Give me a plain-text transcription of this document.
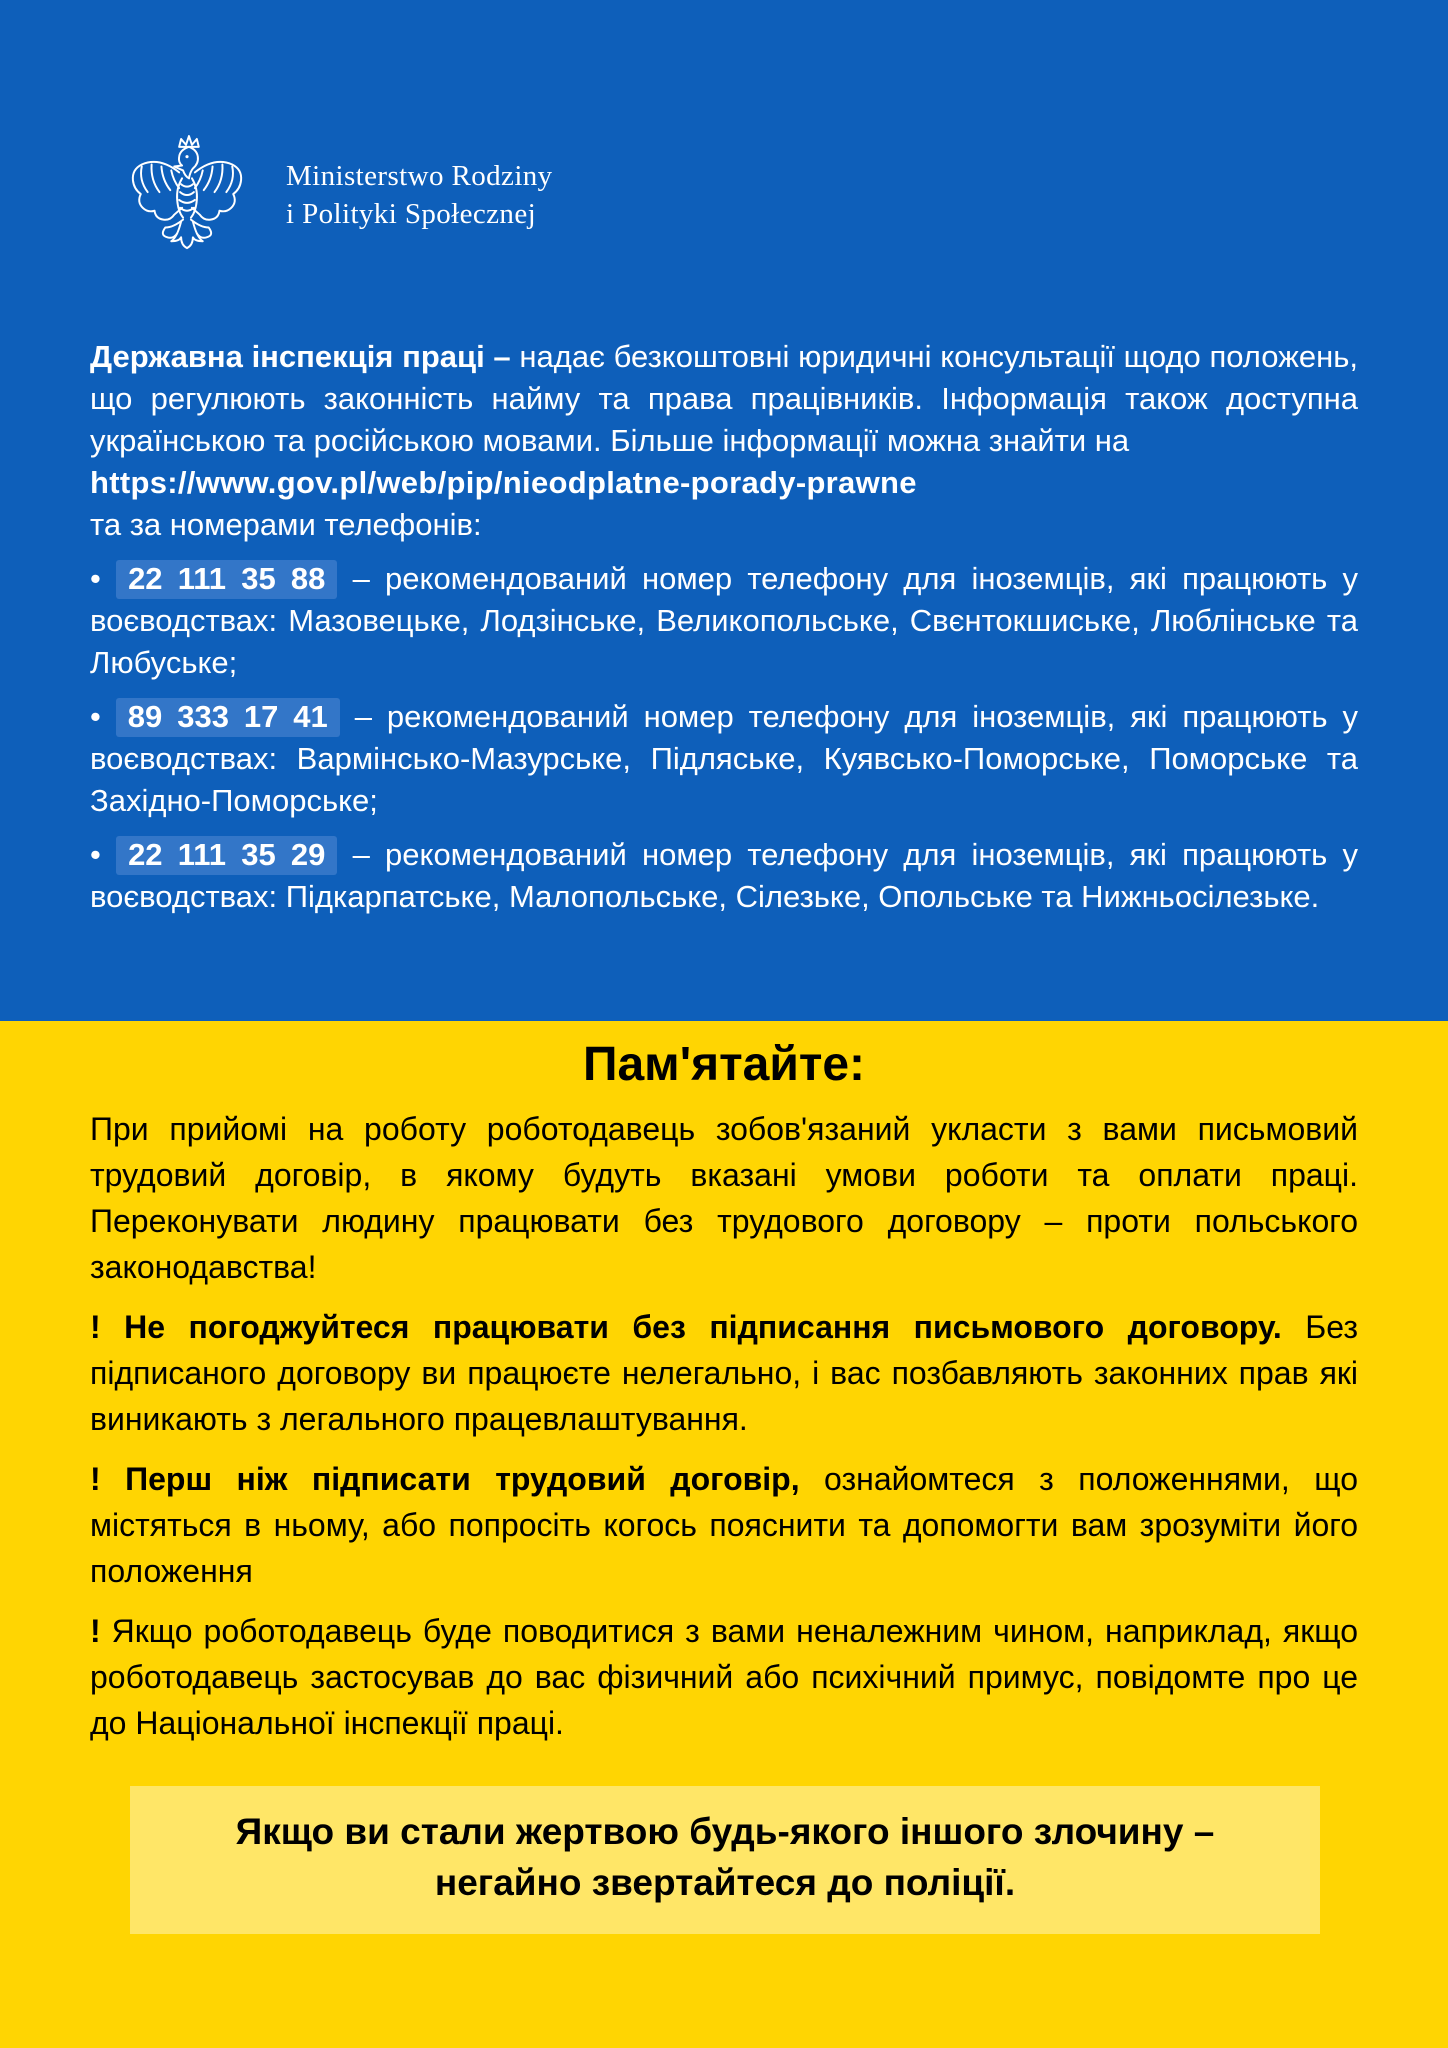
Ministerstwo Rodziny
i Polityki Społecznej

Державна інспекція праці – надає безкоштовні юридичні консультації щодо положень, що регулюють законність найму та права працівників. Інформація також доступна українською та російською мовами. Більше інформації можна знайти на

https://www.gov.pl/web/pip/nieodplatne-porady-prawne

та за номерами телефонів:

• 22 111 35 88 – рекомендований номер телефону для іноземців, які працюють у воєводствах: Мазовецьке, Лодзінське, Великопольське, Свєнтокшиське, Люблінське та Любуське;

• 89 333 17 41 – рекомендований номер телефону для іноземців, які працюють у воєводствах: Вармінсько-Мазурське, Підляське, Куявсько-Поморське, Поморське та Західно-Поморське;

• 22 111 35 29 – рекомендований номер телефону для іноземців, які працюють у воєводствах: Підкарпатське, Малопольське, Сілезьке, Опольське та Нижньосілезьке.

Пам'ятайте:

При прийомі на роботу роботодавець зобов'язаний укласти з вами письмовий трудовий договір, в якому будуть вказані умови роботи та оплати праці. Переконувати людину працювати без трудового договору – проти польського законодавства!

! Не погоджуйтеся працювати без підписання письмового договору. Без підписаного договору ви працюєте нелегально, і вас позбавляють законних прав які виникають з легального працевлаштування.

! Перш ніж підписати трудовий договір, ознайомтеся з положеннями, що містяться в ньому, або попросіть когось пояснити та допомогти вам зрозуміти його положення

! Якщо роботодавець буде поводитися з вами неналежним чином, наприклад, якщо роботодавець застосував до вас фізичний або психічний примус, повідомте про це до Національної інспекції праці.

Якщо ви стали жертвою будь-якого іншого злочину – негайно звертайтеся до поліції.
